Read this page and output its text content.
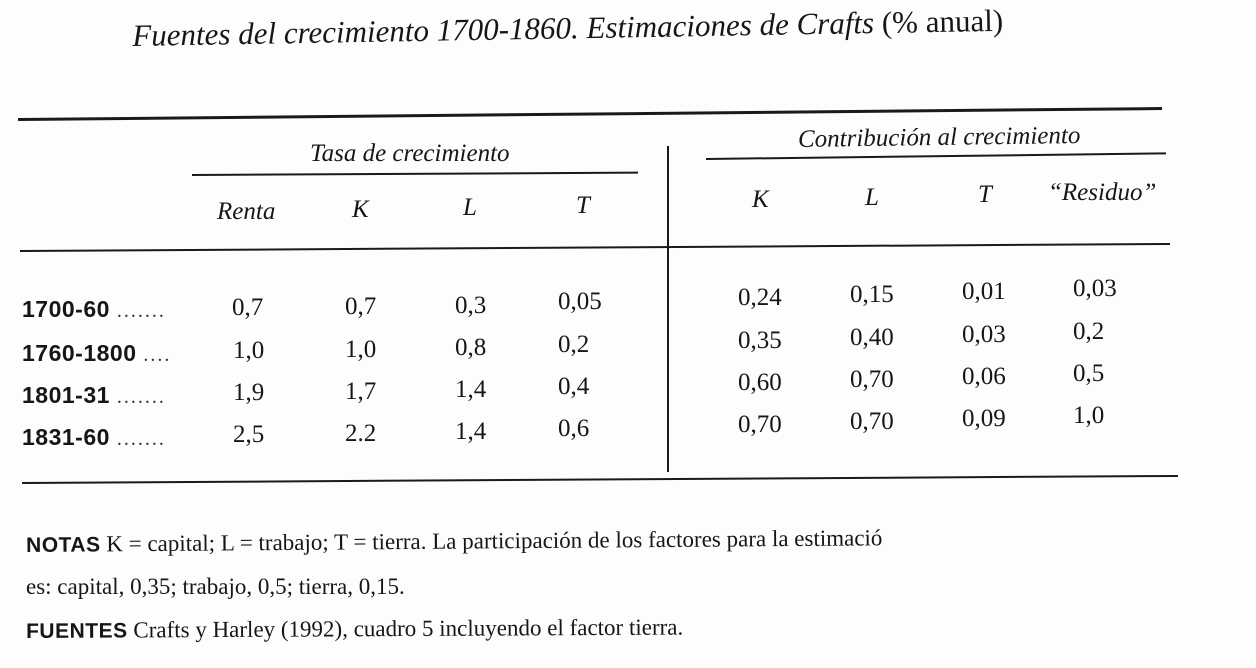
Fuentes del crecimiento 1700-1860. Estimaciones de Crafts (% anual)
Tasa de crecimiento
Contribución al crecimiento
Renta	K	L	T	K	L	T “Residuo”
1700-60 .......	0,7	0,7	0,3	0,05	0,24	0,15	0,01	0,03
1760-1800 .... 1,0	1,0	0,8	0,2	0,35	0,40	0,03	0,2
1801-31 .......	1,9	1,7	1,4	0,4	0,60	0,70	0,06	0,5
1831-60 .......	2,5	2.2	1,4	0,6	0,70	0,70	0,09	1,0
NOTAS K = capital; L = trabajo; T = tierra. La participación de los factores para la estimació
es: capital, 0,35; trabajo, 0,5; tierra, 0,15.
FUENTES Crafts y Harley (1992), cuadro 5 incluyendo el factor tierra.
